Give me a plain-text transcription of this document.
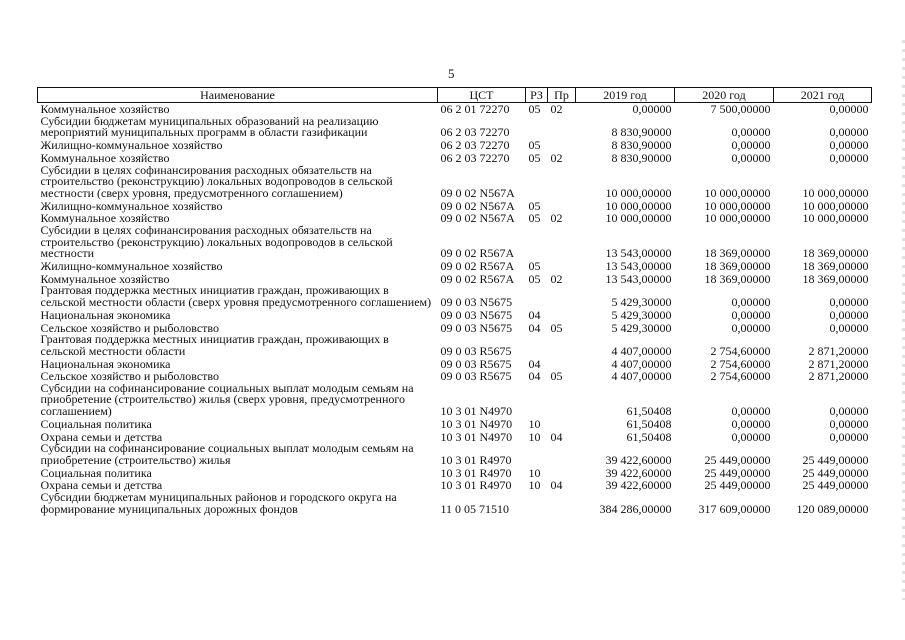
5
Наименование	ЦСТ	РЗ	Пр	2019 год	2020 год	2021 год
Коммунальное хозяйство	06 2 01 72270	05	02	0,00000	7 500,00000	0,00000
Субсидии бюджетам муниципальных образований на реализацию мероприятий муниципальных программ в области газификации	06 2 03 72270			8 830,90000	0,00000	0,00000
Жилищно-коммунальное хозяйство	06 2 03 72270	05		8 830,90000	0,00000	0,00000
Коммунальное хозяйство	06 2 03 72270	05	02	8 830,90000	0,00000	0,00000
Субсидии в целях софинансирования расходных обязательств на строительство (реконструкцию) локальных водопроводов в сельской местности (сверх уровня, предусмотренного соглашением)	09 0 02 N567A			10 000,00000	10 000,00000	10 000,00000
Жилищно-коммунальное хозяйство	09 0 02 N567A	05		10 000,00000	10 000,00000	10 000,00000
Коммунальное хозяйство	09 0 02 N567A	05	02	10 000,00000	10 000,00000	10 000,00000
Субсидии в целях софинансирования расходных обязательств на строительство (реконструкцию) локальных водопроводов в сельской местности	09 0 02 R567A			13 543,00000	18 369,00000	18 369,00000
Жилищно-коммунальное хозяйство	09 0 02 R567A	05		13 543,00000	18 369,00000	18 369,00000
Коммунальное хозяйство	09 0 02 R567A	05	02	13 543,00000	18 369,00000	18 369,00000
Грантовая поддержка местных инициатив граждан, проживающих в сельской местности области (сверх уровня предусмотренного соглашением)	09 0 03 N5675			5 429,30000	0,00000	0,00000
Национальная экономика	09 0 03 N5675	04		5 429,30000	0,00000	0,00000
Сельское хозяйство и рыболовство	09 0 03 N5675	04	05	5 429,30000	0,00000	0,00000
Грантовая поддержка местных инициатив граждан, проживающих в сельской местности области	09 0 03 R5675			4 407,00000	2 754,60000	2 871,20000
Национальная экономика	09 0 03 R5675	04		4 407,00000	2 754,60000	2 871,20000
Сельское хозяйство и рыболовство	09 0 03 R5675	04	05	4 407,00000	2 754,60000	2 871,20000
Субсидии на софинансирование социальных выплат молодым семьям на приобретение (строительство) жилья (сверх уровня, предусмотренного соглашением)	10 3 01 N4970			61,50408	0,00000	0,00000
Социальная политика	10 3 01 N4970	10		61,50408	0,00000	0,00000
Охрана семьи и детства	10 3 01 N4970	10	04	61,50408	0,00000	0,00000
Субсидии на софинансирование социальных выплат молодым семьям на приобретение (строительство) жилья	10 3 01 R4970			39 422,60000	25 449,00000	25 449,00000
Социальная политика	10 3 01 R4970	10		39 422,60000	25 449,00000	25 449,00000
Охрана семьи и детства	10 3 01 R4970	10	04	39 422,60000	25 449,00000	25 449,00000
Субсидии бюджетам муниципальных районов и городского округа на формирование муниципальных дорожных фондов	11 0 05 71510			384 286,00000	317 609,00000	120 089,00000
